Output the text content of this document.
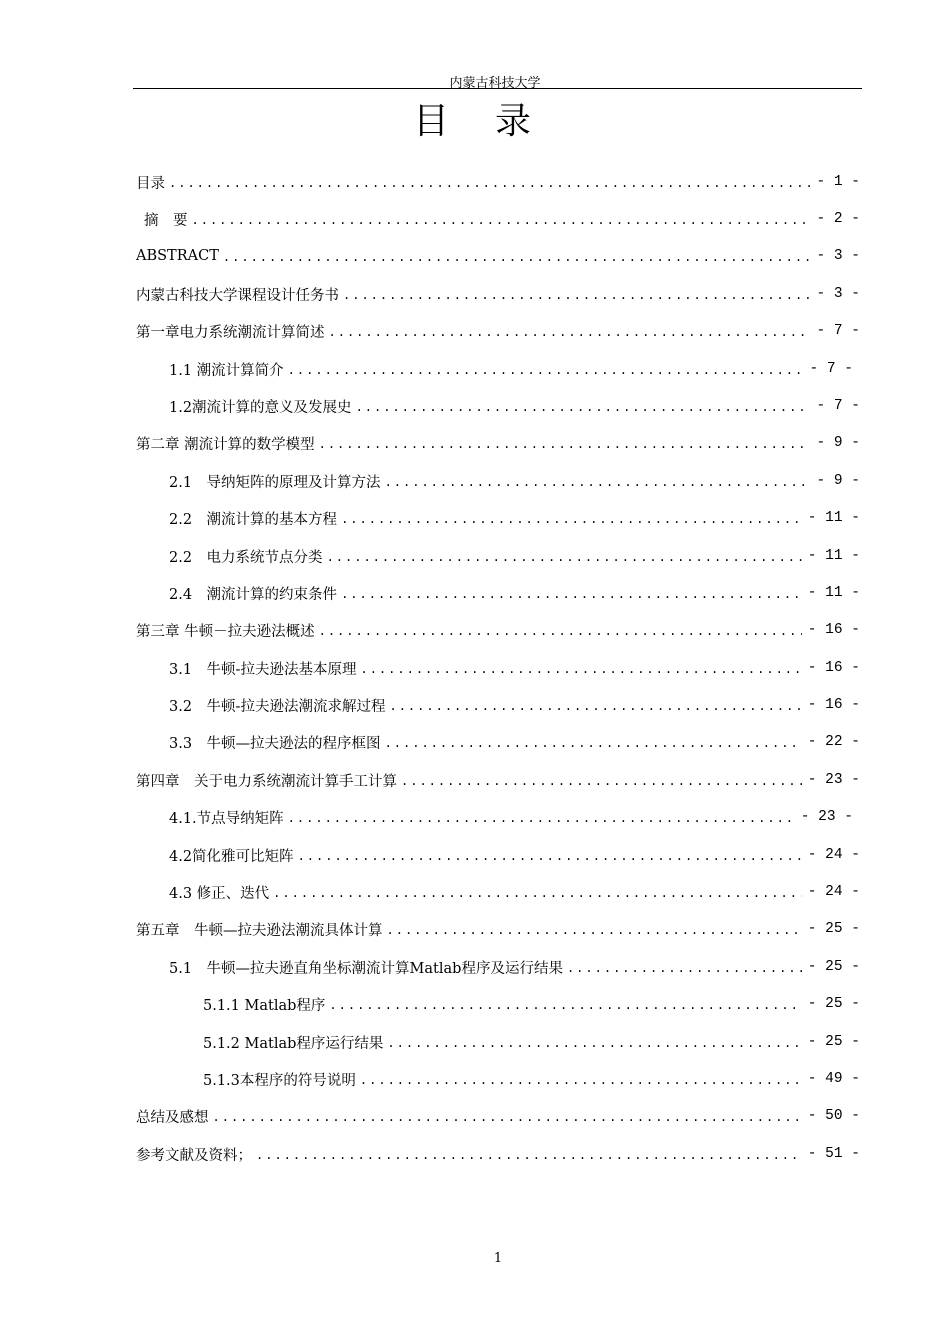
内蒙古科技大学
目录
目录 .....	- 1 -
摘　要 .....	- 2 -
ABSTRACT .....	- 3 -
内蒙古科技大学课程设计任务书 .....	- 3 -
第一章电力系统潮流计算简述 .....	- 7 -
1.1 潮流计算简介 .....	- 7 -
1.2潮流计算的意义及发展史 .....	- 7 -
第二章 潮流计算的数学模型 .....	- 9 -
2.1　导纳矩阵的原理及计算方法 .....	- 9 -
2.2　潮流计算的基本方程 .....	- 11 -
2.2　电力系统节点分类 .....	- 11 -
2.4　潮流计算的约束条件 .....	- 11 -
第三章 牛顿－拉夫逊法概述 .....	- 16 -
3.1　牛顿-拉夫逊法基本原理 .....	- 16 -
3.2　牛顿-拉夫逊法潮流求解过程 .....	- 16 -
3.3　牛顿—拉夫逊法的程序框图 .....	- 22 -
第四章　关于电力系统潮流计算手工计算 .....	- 23 -
4.1.节点导纳矩阵 .....	- 23 -
4.2简化雅可比矩阵 .....	- 24 -
4.3 修正、迭代 .....	- 24 -
第五章　牛顿—拉夫逊法潮流具体计算 .....	- 25 -
5.1　牛顿—拉夫逊直角坐标潮流计算Matlab程序及运行结果 .....	- 25 -
5.1.1 Matlab程序 .....	- 25 -
5.1.2 Matlab程序运行结果 .....	- 25 -
5.1.3本程序的符号说明 .....	- 49 -
总结及感想 .....	- 50 -
参考文献及资料； .....	- 51 -
1
